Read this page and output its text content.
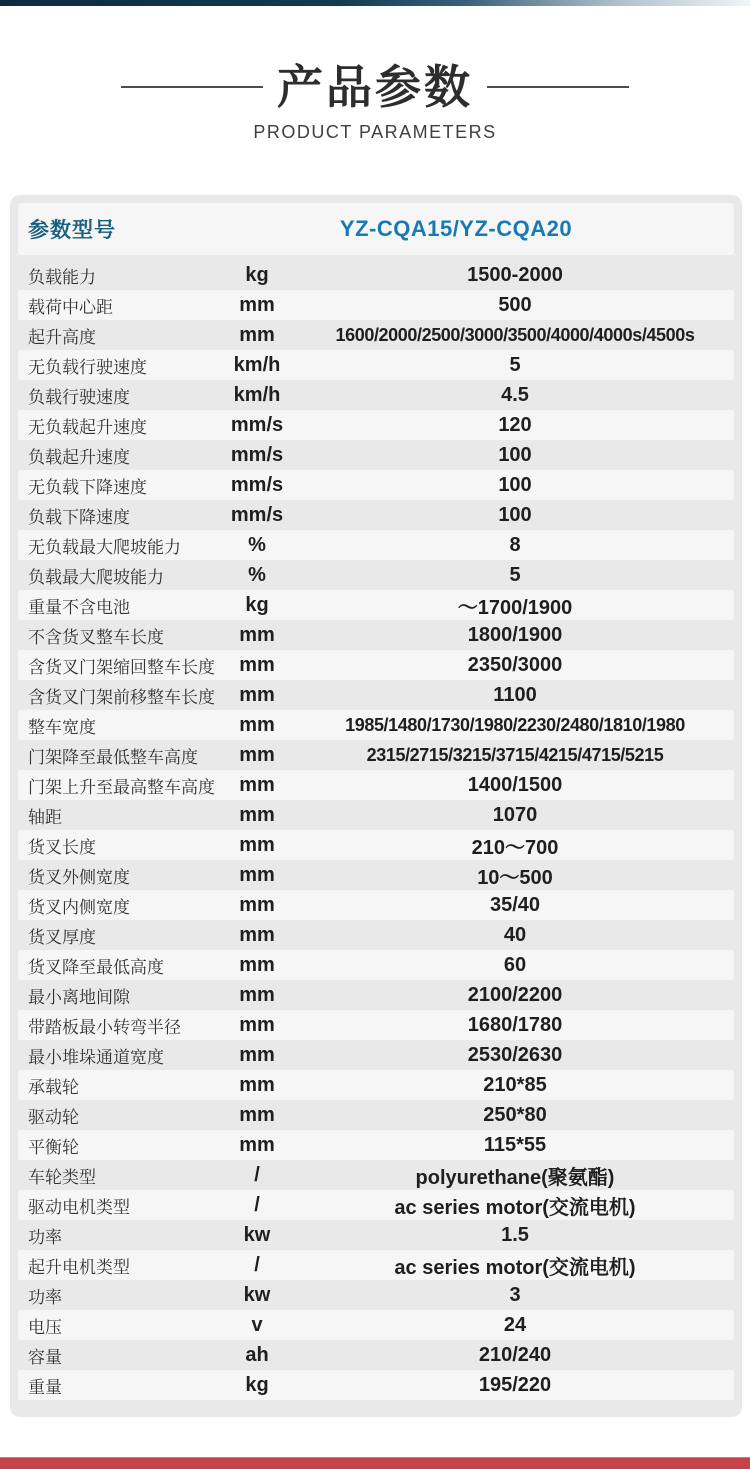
产品参数
PRODUCT PARAMETERS
参数型号	YZ-CQA15/YZ-CQA20
负载能力	kg	1500-2000
载荷中心距	mm	500
起升高度	mm	1600/2000/2500/3000/3500/4000/4000s/4500s
无负载行驶速度	km/h	5
负载行驶速度	km/h	4.5
无负载起升速度	mm/s	120
负载起升速度	mm/s	100
无负载下降速度	mm/s	100
负载下降速度	mm/s	100
无负载最大爬坡能力	%	8
负载最大爬坡能力	%	5
重量不含电池	kg	～1700/1900
不含货叉整车长度	mm	1800/1900
含货叉门架缩回整车长度	mm	2350/3000
含货叉门架前移整车长度	mm	1100
整车宽度	mm	1985/1480/1730/1980/2230/2480/1810/1980
门架降至最低整车高度	mm	2315/2715/3215/3715/4215/4715/5215
门架上升至最高整车高度	mm	1400/1500
轴距	mm	1070
货叉长度	mm	210～700
货叉外侧宽度	mm	10～500
货叉内侧宽度	mm	35/40
货叉厚度	mm	40
货叉降至最低高度	mm	60
最小离地间隙	mm	2100/2200
带踏板最小转弯半径	mm	1680/1780
最小堆垛通道宽度	mm	2530/2630
承载轮	mm	210*85
驱动轮	mm	250*80
平衡轮	mm	115*55
车轮类型	/	polyurethane(聚氨酯)
驱动电机类型	/	ac series motor(交流电机)
功率	kw	1.5
起升电机类型	/	ac series motor(交流电机)
功率	kw	3
电压	v	24
容量	ah	210/240
重量	kg	195/220
